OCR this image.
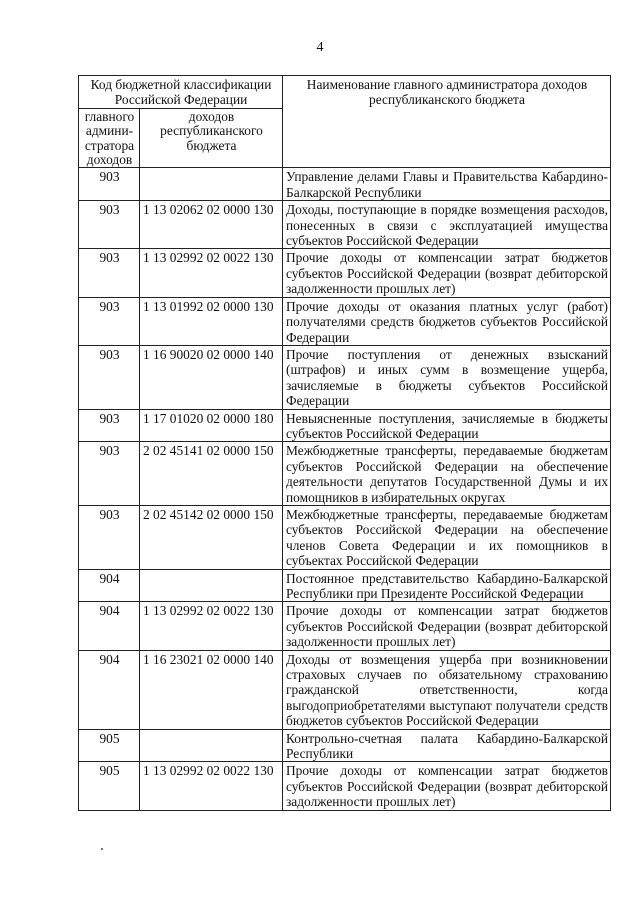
4
Код бюджетной классификации Российской Федерации		Наименование главного администратора доходов республиканского бюджета
главного админи- стратора доходов	доходов республиканского бюджета	
903		Управление делами Главы и Правительства Кабардино-Балкарской Республики
903	1 13 02062 02 0000 130	Доходы, поступающие в порядке возмещения расходов, понесенных в связи с эксплуатацией имущества субъектов Российской Федерации
903	1 13 02992 02 0022 130	Прочие доходы от компенсации затрат бюджетов субъектов Российской Федерации (возврат дебиторской задолженности прошлых лет)
903	1 13 01992 02 0000 130	Прочие доходы от оказания платных услуг (работ) получателями средств бюджетов субъектов Российской Федерации
903	1 16 90020 02 0000 140	Прочие поступления от денежных взысканий (штрафов) и иных сумм в возмещение ущерба, зачисляемые в бюджеты субъектов Российской Федерации
903	1 17 01020 02 0000 180	Невыясненные поступления, зачисляемые в бюджеты субъектов Российской Федерации
903	2 02 45141 02 0000 150	Межбюджетные трансферты, передаваемые бюджетам субъектов Российской Федерации на обеспечение деятельности депутатов Государственной Думы и их помощников в избирательных округах
903	2 02 45142 02 0000 150	Межбюджетные трансферты, передаваемые бюджетам субъектов Российской Федерации на обеспечение членов Совета Федерации и их помощников в субъектах Российской Федерации
904		Постоянное представительство Кабардино-Балкарской Республики при Президенте Российской Федерации
904	1 13 02992 02 0022 130	Прочие доходы от компенсации затрат бюджетов субъектов Российской Федерации (возврат дебиторской задолженности прошлых лет)
904	1 16 23021 02 0000 140	Доходы от возмещения ущерба при возникновении страховых случаев по обязательному страхованию гражданской ответственности, когда выгодоприобретателями выступают получатели средств бюджетов субъектов Российской Федерации
905		Контрольно-счетная палата Кабардино-Балкарской Республики
905	1 13 02992 02 0022 130	Прочие доходы от компенсации затрат бюджетов субъектов Российской Федерации (возврат дебиторской задолженности прошлых лет)
